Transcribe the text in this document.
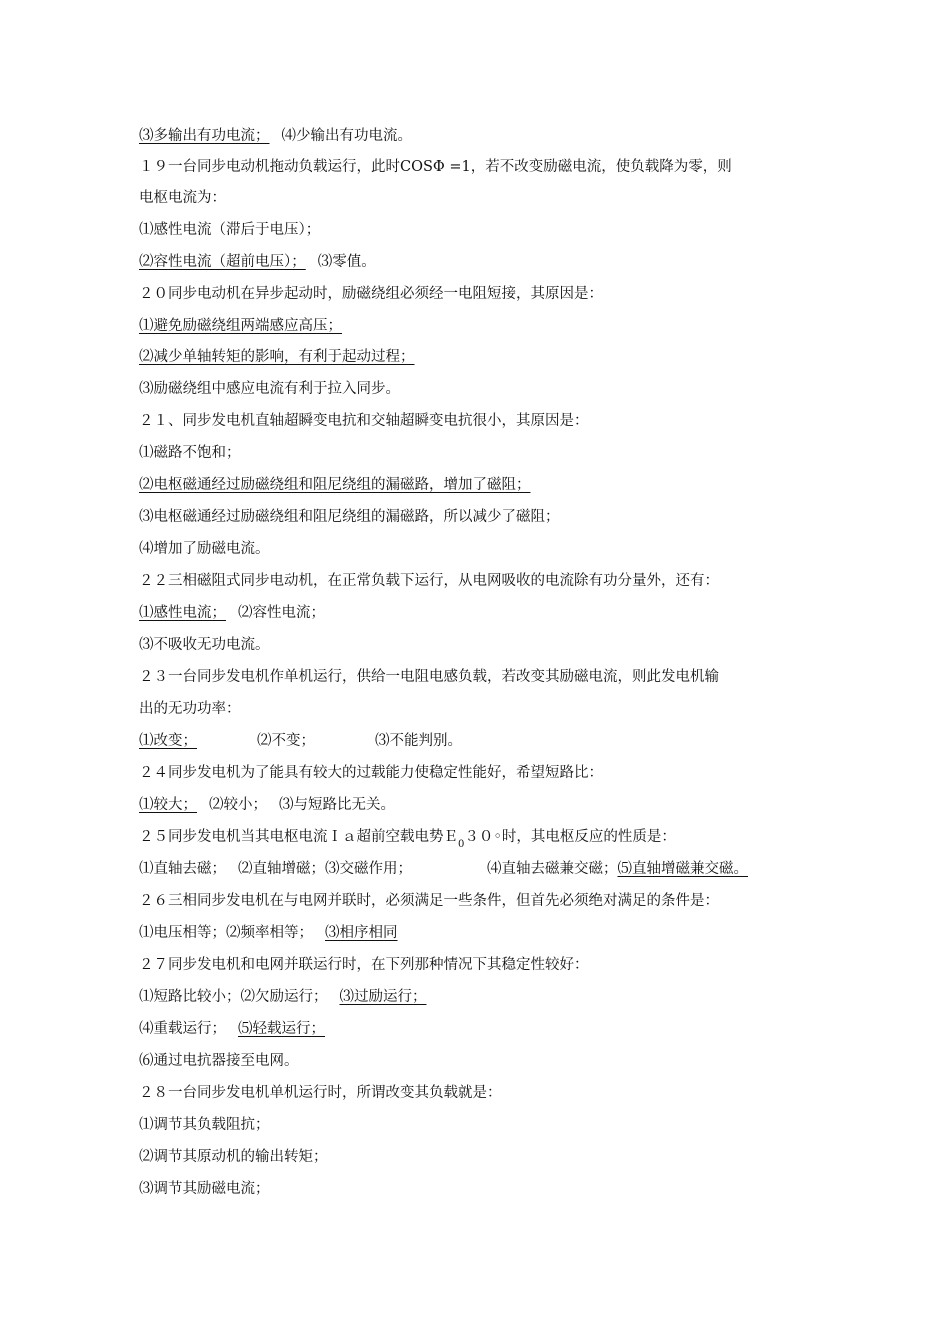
⑶多输出有功电流； ⑷少输出有功电流。
１９一台同步电动机拖动负载运行，此时COSΦ =1，若不改变励磁电流，使负载降为零，则
电枢电流为：
⑴感性电流（滞后于电压）；
⑵容性电流（超前电压）； ⑶零值。
２０同步电动机在异步起动时，励磁绕组必须经一电阻短接，其原因是：
⑴避免励磁绕组两端感应高压；
⑵减少单轴转矩的影响，有利于起动过程；
⑶励磁绕组中感应电流有利于拉入同步。
２１、同步发电机直轴超瞬变电抗和交轴超瞬变电抗很小，其原因是：
⑴磁路不饱和；
⑵电枢磁通经过励磁绕组和阻尼绕组的漏磁路，增加了磁阻；
⑶电枢磁通经过励磁绕组和阻尼绕组的漏磁路，所以减少了磁阻；
⑷增加了励磁电流。
２２三相磁阻式同步电动机，在正常负载下运行，从电网吸收的电流除有功分量外，还有：
⑴感性电流； ⑵容性电流；
⑶不吸收无功电流。
２３一台同步发电机作单机运行，供给一电阻电感负载，若改变其励磁电流，则此发电机输
出的无功功率：
⑴改变；	⑵不变；	⑶不能判别。
２４同步发电机为了能具有较大的过载能力使稳定性能好，希望短路比：
⑴较大； ⑵较小； ⑶与短路比无关。
２５同步发电机当其电枢电流Ｉａ超前空载电势Ｅ$_0$３０◦时，其电枢反应的性质是：
⑴直轴去磁； ⑵直轴增磁；⑶交磁作用；	⑷直轴去磁兼交磁；⑸直轴增磁兼交磁。
２６三相同步发电机在与电网并联时，必须满足一些条件，但首先必须绝对满足的条件是：
⑴电压相等；⑵频率相等； ⑶相序相同
２７同步发电机和电网并联运行时，在下列那种情况下其稳定性较好：
⑴短路比较小；⑵欠励运行； ⑶过励运行；
⑷重载运行； ⑸轻载运行；
⑹通过电抗器接至电网。
２８一台同步发电机单机运行时，所谓改变其负载就是：
⑴调节其负载阻抗；
⑵调节其原动机的输出转矩；
⑶调节其励磁电流；
